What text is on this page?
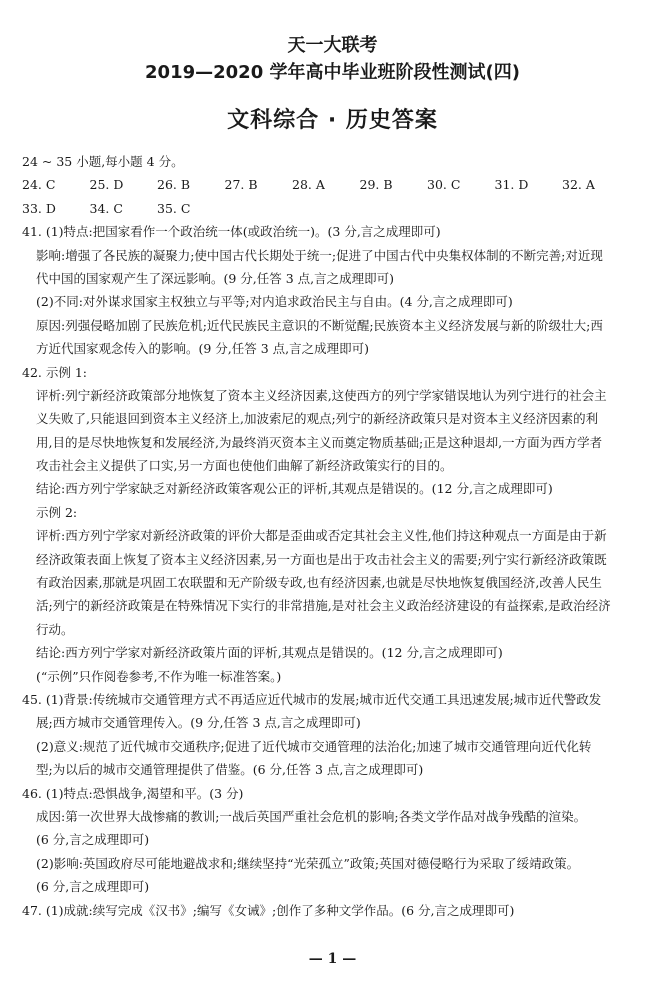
天一大联考
2019—2020 学年高中毕业班阶段性测试(四)
文科综合 · 历史答案
24 ~ 35 小题,每小题 4 分。
24. C	25. D	26. B	27. B	28. A	29. B	30. C	31. D	32. A
33. D	34. C	35. C
41. (1)特点:把国家看作一个政治统一体(或政治统一)。(3 分,言之成理即可)
影响:增强了各民族的凝聚力;使中国古代长期处于统一;促进了中国古代中央集权体制的不断完善;对近现
代中国的国家观产生了深远影响。(9 分,任答 3 点,言之成理即可)
(2)不同:对外谋求国家主权独立与平等;对内追求政治民主与自由。(4 分,言之成理即可)
原因:列强侵略加剧了民族危机;近代民族民主意识的不断觉醒;民族资本主义经济发展与新的阶级壮大;西
方近代国家观念传入的影响。(9 分,任答 3 点,言之成理即可)
42. 示例 1:
评析:列宁新经济政策部分地恢复了资本主义经济因素,这使西方的列宁学家错误地认为列宁进行的社会主
义失败了,只能退回到资本主义经济上,加波索尼的观点;列宁的新经济政策只是对资本主义经济因素的利
用,目的是尽快地恢复和发展经济,为最终消灭资本主义而奠定物质基础;正是这种退却,一方面为西方学者
攻击社会主义提供了口实,另一方面也使他们曲解了新经济政策实行的目的。
结论:西方列宁学家缺乏对新经济政策客观公正的评析,其观点是错误的。(12 分,言之成理即可)
示例 2:
评析:西方列宁学家对新经济政策的评价大都是歪曲或否定其社会主义性,他们持这种观点一方面是由于新
经济政策表面上恢复了资本主义经济因素,另一方面也是出于攻击社会主义的需要;列宁实行新经济政策既
有政治因素,那就是巩固工农联盟和无产阶级专政,也有经济因素,也就是尽快地恢复俄国经济,改善人民生
活;列宁的新经济政策是在特殊情况下实行的非常措施,是对社会主义政治经济建设的有益探索,是政治经济
行动。
结论:西方列宁学家对新经济政策片面的评析,其观点是错误的。(12 分,言之成理即可)
(“示例”只作阅卷参考,不作为唯一标准答案。)
45. (1)背景:传统城市交通管理方式不再适应近代城市的发展;城市近代交通工具迅速发展;城市近代警政发
展;西方城市交通管理传入。(9 分,任答 3 点,言之成理即可)
(2)意义:规范了近代城市交通秩序;促进了近代城市交通管理的法治化;加速了城市交通管理向近代化转
型;为以后的城市交通管理提供了借鉴。(6 分,任答 3 点,言之成理即可)
46. (1)特点:恐惧战争,渴望和平。(3 分)
成因:第一次世界大战惨痛的教训;一战后英国严重社会危机的影响;各类文学作品对战争残酷的渲染。
(6 分,言之成理即可)
(2)影响:英国政府尽可能地避战求和;继续坚持“光荣孤立”政策;英国对德侵略行为采取了绥靖政策。
(6 分,言之成理即可)
47. (1)成就:续写完成《汉书》;编写《女诫》;创作了多种文学作品。(6 分,言之成理即可)
— 1 —
